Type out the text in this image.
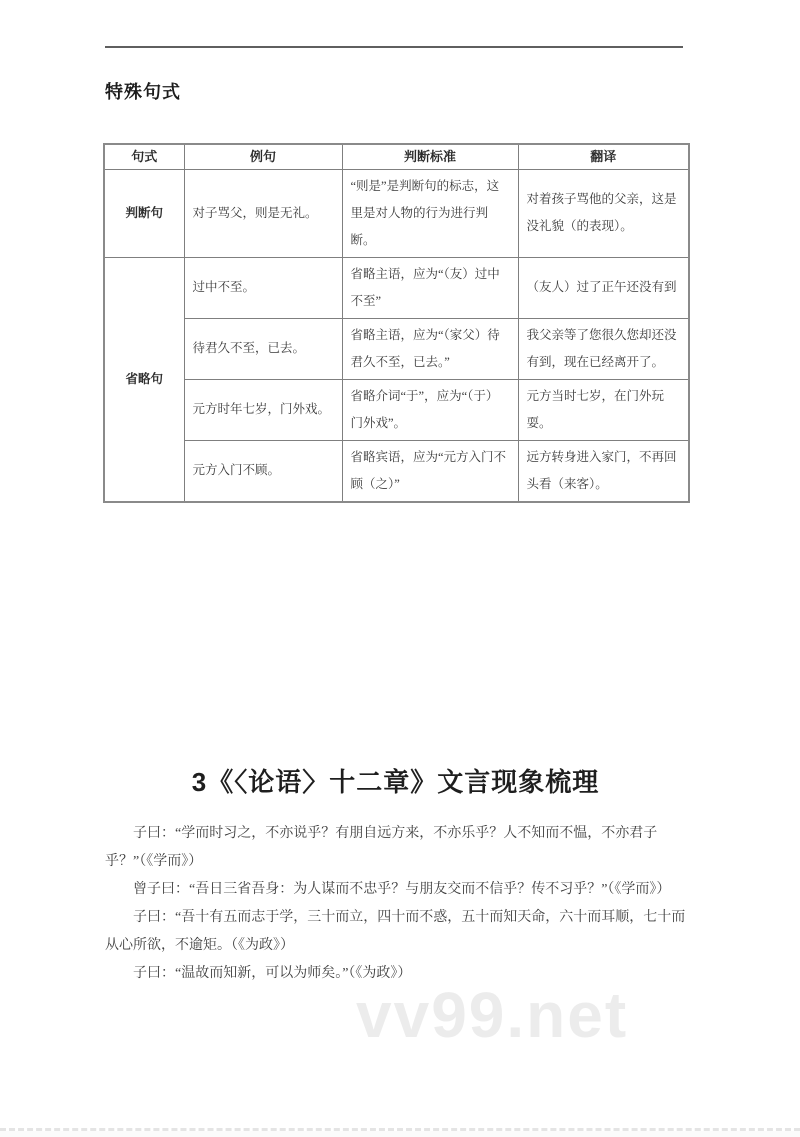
特殊句式
句式	例句	判断标准	翻译
判断句	对子骂父，则是无礼。	“则是”是判断句的标志，这里是对人物的行为进行判断。	对着孩子骂他的父亲，这是没礼貌（的表现）。
省略句	过中不至。	省略主语，应为“（友）过中不至”	（友人）过了正午还没有到
	待君久不至，已去。	省略主语，应为“（家父）待君久不至，已去。”	我父亲等了您很久您却还没有到，现在已经离开了。
	元方时年七岁，门外戏。	省略介词“于”，应为“（于）门外戏”。	元方当时七岁，在门外玩耍。
	元方入门不顾。	省略宾语，应为“元方入门不顾（之）”	远方转身进入家门，不再回头看（来客）。
3《〈论语〉十二章》文言现象梳理

子曰：“学而时习之，不亦说乎？有朋自远方来，不亦乐乎？人不知而不愠，不亦君子乎？”（《学而》）

曾子曰：“吾日三省吾身：为人谋而不忠乎？与朋友交而不信乎？传不习乎？”（《学而》）

子曰：“吾十有五而志于学，三十而立，四十而不惑，五十而知天命，六十而耳顺，七十而从心所欲，不逾矩。（《为政》）

子曰：“温故而知新，可以为师矣。”（《为政》）

vv99.net
